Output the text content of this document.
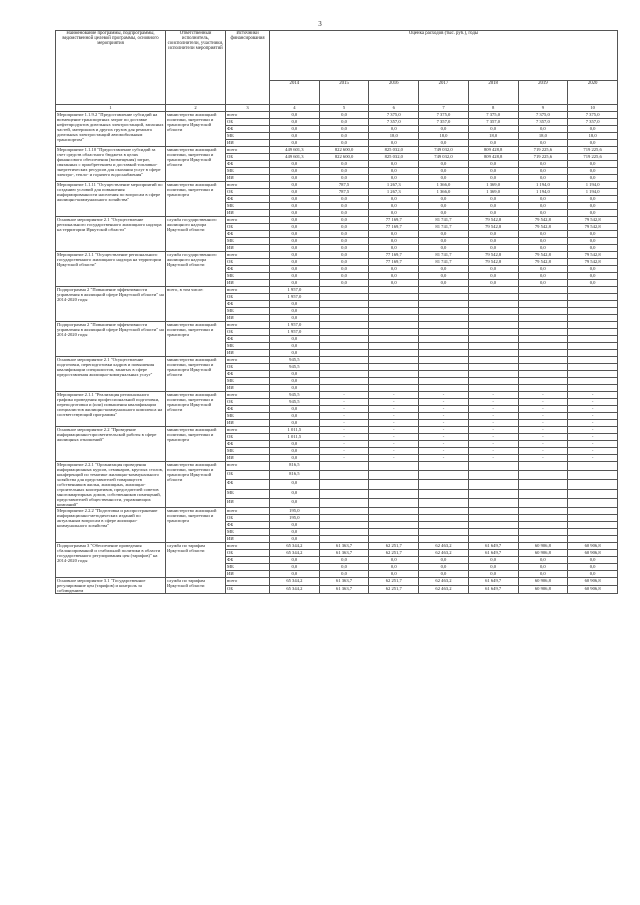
3
Наименование программы, подпрограммы, ведомственной целевой программы, основного мероприятия	Ответственный исполнитель, соисполнители, участники, исполнители мероприятий	Источники финансирования	Оценка расходов (тыс. руб.), годы						
			2014	2015	2016	2017	2018	2019	2020
1	2	3	4	5	6	7	8	9	10
Мероприятие 1.1.9.2 "Предоставление субсидий на возмещение транспортных затрат по доставке нефтепродуктов дизельных электростанций, запасных частей, материалов и других грузов для ремонта дизельных электростанций автомобильным транспортом"	министерство жилищной политики, энергетики и транспорта Иркутской области	всего	0,0	0,0	7 375,0	7 375,0	7 375,0	7 375,0	7 375,0
		ОБ	0,0	0,0	7 357,0	7 357,0	7 357,0	7 357,0	7 357,0
		ФБ	0,0	0,0	0,0	0,0	0,0	0,0	0,0
		МБ	0,0	0,0	18,0	18,0	18,0	18,0	18,0
		ИИ	0,0	0,0	0,0	0,0	0,0	0,0	0,0
Мероприятие 1.1.10 "Предоставление субсидий за счет средств областного бюджета в целях финансового обеспечения (возмещения) затрат, связанных с приобретением и доставкой топливно-энергетических ресурсов для оказания услуг в сфере электро-, тепло- и горячего водоснабжения"	министерство жилищной политики, энергетики и транспорта Иркутской области	всего	449 601,3	822 600,0	825 032,0	749 032,0	809 428,8	719 225,6	719 225,6
		ОБ	449 601,3	822 600,0	825 032,0	749 032,0	809 428,8	719 225,6	719 225,6
		ФБ	0,0	0,0	0,0	0,0	0,0	0,0	0,0
		МБ	0,0	0,0	0,0	0,0	0,0	0,0	0,0
		ИИ	0,0	0,0	0,0	0,0	0,0	0,0	0,0
Мероприятие 1.1.11 "Осуществление мероприятий по созданию условий для повышения информированности населения по вопросам в сфере жилищно-коммунального хозяйства"	министерство жилищной политики, энергетики и транспорта	всего	0,0	787,5	1 267,3	1 366,0	1 369,0	1 194,0	1 194,0
		ОБ	0,0	787,5	1 267,3	1 366,0	1 369,0	1 194,0	1 194,0
		ФБ	0,0	0,0	0,0	0,0	0,0	0,0	0,0
		МБ	0,0	0,0	0,0	0,0	0,0	0,0	0,0
		ИИ	0,0	0,0	0,0	0,0	0,0	0,0	0,0
Основное мероприятие 2.1 "Осуществление регионального государственного жилищного надзора на территории Иркутской области"	служба государственного жилищного надзора Иркутской области	всего	0,0	0,0	77 169,7	81 741,7	79 542,8	79 542,8	79 542,8
		ОБ	0,0	0,0	77 169,7	81 741,7	79 542,8	79 542,8	79 542,8
		ФБ	0,0	0,0	0,0	0,0	0,0	0,0	0,0
		МБ	0,0	0,0	0,0	0,0	0,0	0,0	0,0
		ИИ	0,0	0,0	0,0	0,0	0,0	0,0	0,0
Мероприятие 2.1.1 "Осуществление регионального государственного жилищного надзора на территории Иркутской области"	служба государственного жилищного надзора Иркутской области	всего	0,0	0,0	77 169,7	81 741,7	79 542,8	79 542,8	79 542,8
		ОБ	0,0	0,0	77 169,7	81 741,7	79 542,8	79 542,8	79 542,8
		ФБ	0,0	0,0	0,0	0,0	0,0	0,0	0,0
		МБ	0,0	0,0	0,0	0,0	0,0	0,0	0,0
		ИИ	0,0	0,0	0,0	0,0	0,0	0,0	0,0
Подпрограмма 2 "Повышение эффективности управления в жилищной сфере Иркутской области" на 2014-2020 годы	всего, в том числе:	всего	1 957,0						
		ОБ	1 957,0						
		ФБ	0,0						
		МБ	0,0						
		ИИ	0,0						
Подпрограмма 2 "Повышение эффективности управления в жилищной сфере Иркутской области" на 2014-2020 годы	министерство жилищной политики, энергетики и транспорта	всего	1 957,0						
		ОБ	1 957,0						
		ФБ	0,0						
		МБ	0,0						
		ИИ	0,0						
Основное мероприятие 2.1 "Осуществление подготовки, переподготовки кадров и повышения квалификации специалистов, занятых в сфере предоставления жилищно-коммунальных услуг"	министерство жилищной политики, энергетики и транспорта Иркутской области	всего	945,5						
		ОБ	945,5						
		ФБ	0,0						
		МБ	0,0						
		ИИ	0,0						
Мероприятие 2.1.1 "Реализация регионального графика проведения профессиональной подготовки, переподготовки и (или) повышения квалификации специалистов жилищно-коммунального комплекса на соответствующий программы"	министерство жилищной политики, энергетики и транспорта Иркутской области	всего	945,5	-	-	-	-	-	-
		ОБ	945,5	-	-	-	-	-	-
		ФБ	0,0	-	-	-	-	-	-
		МБ	0,0	-	-	-	-	-	-
		ИИ	0,0	-	-	-	-	-	-
Основное мероприятие 2.2 "Проведение информационно-просветительской работы в сфере жилищных отношений"	министерство жилищной политики, энергетики и транспорта	всего	1 011,5	-	-	-	-	-	-
		ОБ	1 011,5	-	-	-	-	-	-
		ФБ	0,0	-	-	-	-	-	-
		МБ	0,0	-	-	-	-	-	-
		ИИ	0,0	-	-	-	-	-	-
Мероприятие 2.2.1 "Организация проведения информационных курсов, семинаров, круглых столов, конференций по тематике жилищно-коммунального хозяйства для представителей товариществ собственников жилья, жилищных, жилищно-строительных кооперативов, председателей советов многоквартирных домов, собственников помещений, представителей общественности, управляющих компаний"	министерство жилищной политики, энергетики и транспорта Иркутской области	всего	816,5						
		ОБ	816,5						
		ФБ	0,0						
		МБ	0,0						
		ИИ	0,0						
Мероприятие 2.2.2 "Подготовка и распространение информационно-методических изданий по актуальным вопросам в сфере жилищно-коммунального хозяйства"	министерство жилищной политики, энергетики и транспорта	всего	195,0						
		ОБ	195,0						
		ФБ	0,0						
		МБ	0,0						
		ИИ	0,0						
Подпрограмма 3 "Обеспечение проведения сбалансированной и стабильной политики в области государственного регулирования цен (тарифов)" на 2014-2020 годы	служба по тарифам Иркутской области	всего	65 344,2	61 363,7	62 251,7	62 463,2	61 649,7	60 906,8	60 906,8
		ОБ	65 344,2	61 363,7	62 251,7	62 463,2	61 649,7	60 906,8	60 906,8
		ФБ	0,0	0,0	0,0	0,0	0,0	0,0	0,0
		МБ	0,0	0,0	0,0	0,0	0,0	0,0	0,0
		ИИ	0,0	0,0	0,0	0,0	0,0	0,0	0,0
Основное мероприятие 3.1 "Государственное регулирование цен (тарифов) и контроль за соблюдением	служба по тарифам Иркутской области	всего	65 344,2	61 363,7	62 251,7	62 463,2	61 649,7	60 906,8	60 906,8
		ОБ	65 344,2	61 363,7	62 251,7	62 463,2	61 649,7	60 906,8	60 906,8
